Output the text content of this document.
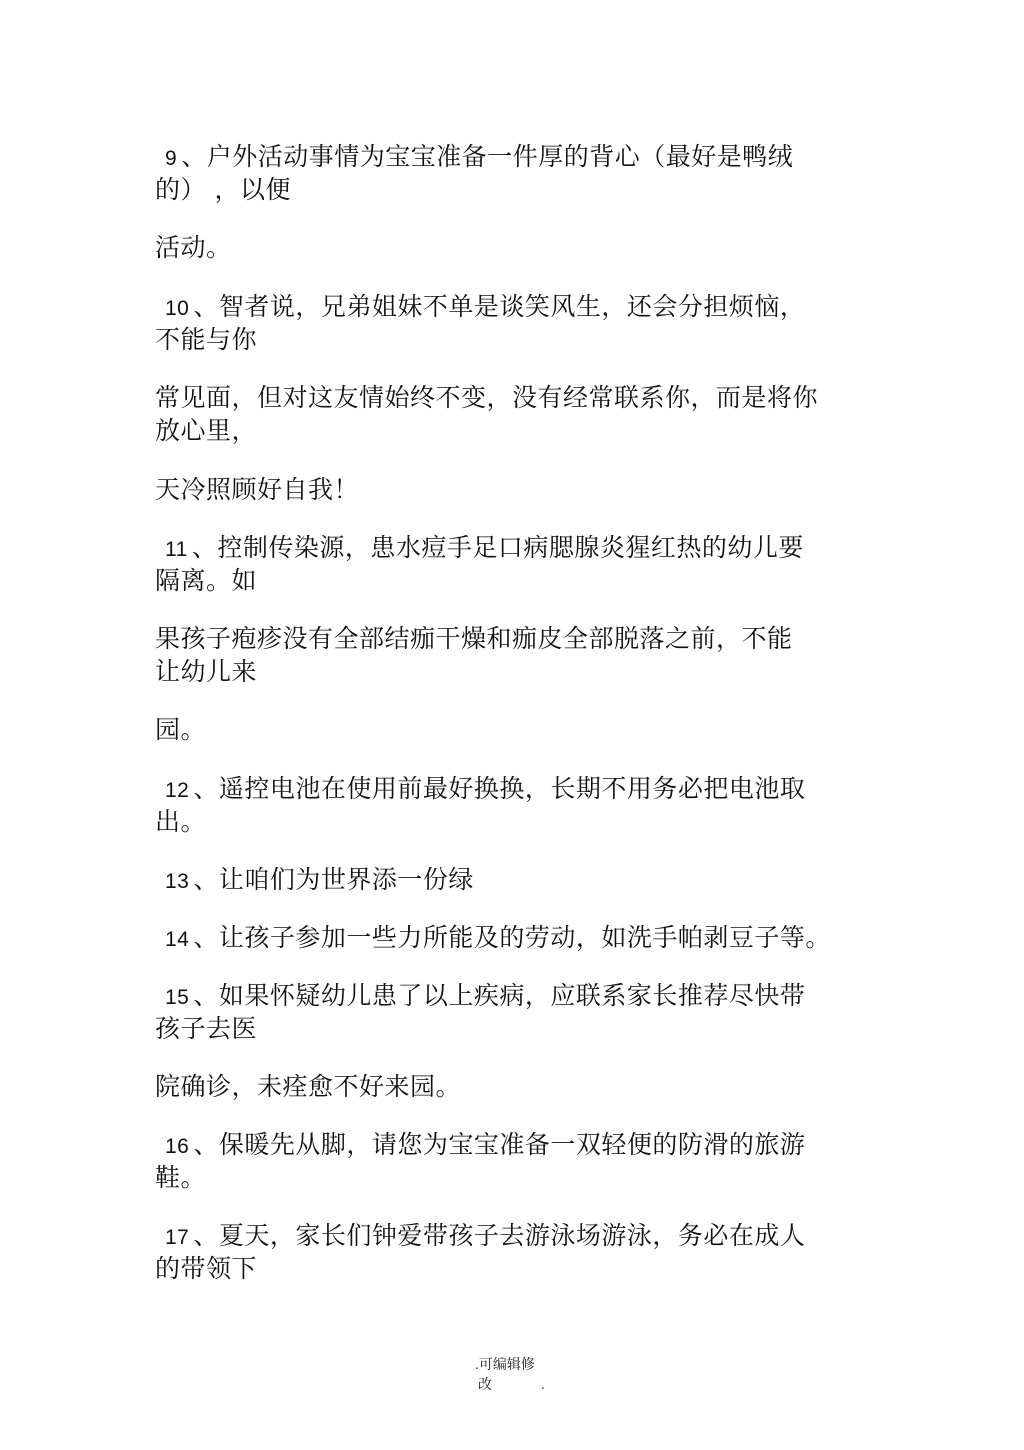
9 、户外活动事情为宝宝准备一件厚的背心（最好是鸭绒
的） ，以便
活动。
10 、智者说，兄弟姐妹不单是谈笑风生，还会分担烦恼，
不能与你
常见面，但对这友情始终不变，没有经常联系你，而是将你
放心里，
天冷照顾好自我！
11 、控制传染源，患水痘手足口病腮腺炎猩红热的幼儿要
隔离。如
果孩子疱疹没有全部结痂干燥和痂皮全部脱落之前，不能
让幼儿来
园。
12 、遥控电池在使用前最好换换，长期不用务必把电池取
出。
13 、让咱们为世界添一份绿
14 、让孩子参加一些力所能及的劳动，如洗手帕剥豆子等。
15 、如果怀疑幼儿患了以上疾病，应联系家长推荐尽快带
孩子去医
院确诊，未痊愈不好来园。
16 、保暖先从脚，请您为宝宝准备一双轻便的防滑的旅游
鞋。
17 、夏天，家长们钟爱带孩子去游泳场游泳，务必在成人
的带领下
.可编辑修
改	.
